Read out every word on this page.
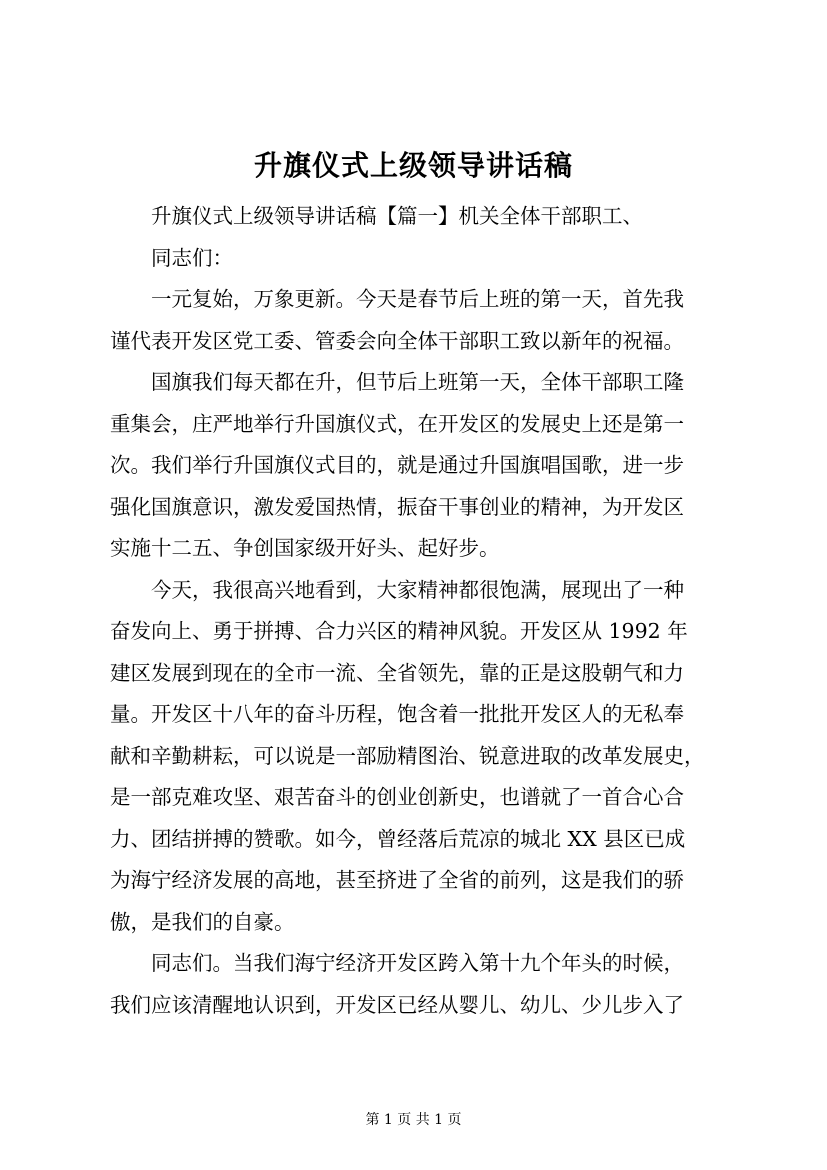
升旗仪式上级领导讲话稿
升旗仪式上级领导讲话稿【篇一】机关全体干部职工、
同志们：
一元复始，万象更新。今天是春节后上班的第一天，首先我
谨代表开发区党工委、管委会向全体干部职工致以新年的祝福。
国旗我们每天都在升，但节后上班第一天，全体干部职工隆
重集会，庄严地举行升国旗仪式，在开发区的发展史上还是第一
次。我们举行升国旗仪式目的，就是通过升国旗唱国歌，进一步
强化国旗意识，激发爱国热情，振奋干事创业的精神，为开发区
实施十二五、争创国家级开好头、起好步。
今天，我很高兴地看到，大家精神都很饱满，展现出了一种
奋发向上、勇于拼搏、合力兴区的精神风貌。开发区从 1992 年
建区发展到现在的全市一流、全省领先，靠的正是这股朝气和力
量。开发区十八年的奋斗历程，饱含着一批批开发区人的无私奉
献和辛勤耕耘，可以说是一部励精图治、锐意进取的改革发展史，
是一部克难攻坚、艰苦奋斗的创业创新史，也谱就了一首合心合
力、团结拼搏的赞歌。如今，曾经落后荒凉的城北 XX 县区已成
为海宁经济发展的高地，甚至挤进了全省的前列，这是我们的骄
傲，是我们的自豪。
同志们。当我们海宁经济开发区跨入第十九个年头的时候，
我们应该清醒地认识到，开发区已经从婴儿、幼儿、少儿步入了
第 1 页 共 1 页
